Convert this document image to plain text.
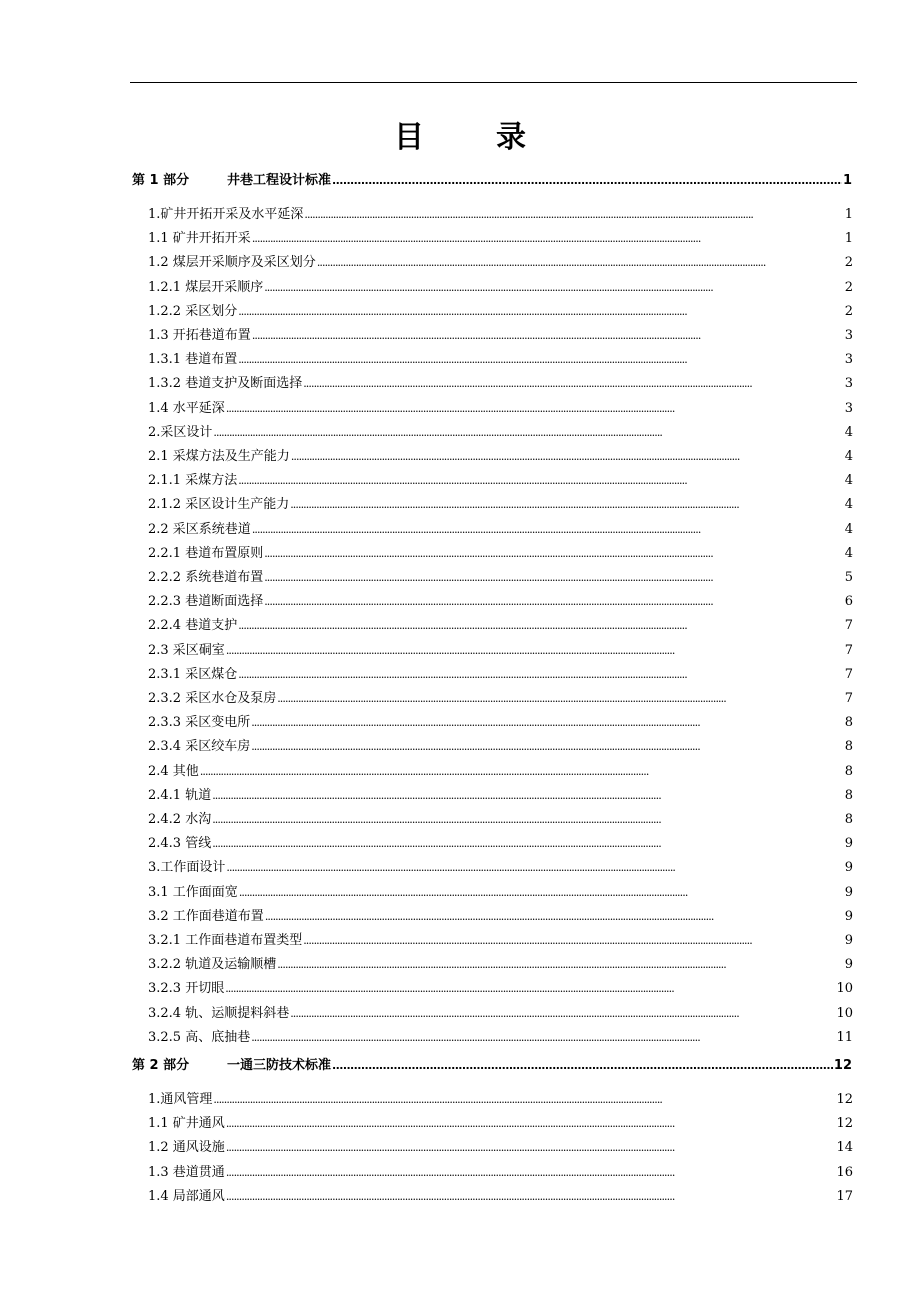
目 录
第 1 部分	井巷工程设计标准 . . .	1
1.矿井开拓开采及水平延深 . . .	1
1.1 矿井开拓开采 . . .	1
1.2 煤层开采顺序及采区划分 . . .	2
1.2.1 煤层开采顺序 . . .	2
1.2.2 采区划分 . . .	2
1.3 开拓巷道布置 . . .	3
1.3.1 巷道布置 . . .	3
1.3.2 巷道支护及断面选择 . . .	3
1.4 水平延深 . . .	3
2.采区设计 . . .	4
2.1 采煤方法及生产能力 . . .	4
2.1.1 采煤方法 . . .	4
2.1.2 采区设计生产能力 . . .	4
2.2 采区系统巷道 . . .	4
2.2.1 巷道布置原则 . . .	4
2.2.2 系统巷道布置 . . .	5
2.2.3 巷道断面选择 . . .	6
2.2.4 巷道支护 . . .	7
2.3 采区硐室 . . .	7
2.3.1 采区煤仓 . . .	7
2.3.2 采区水仓及泵房 . . .	7
2.3.3 采区变电所 . . .	8
2.3.4 采区绞车房 . . .	8
2.4 其他 . . .	8
2.4.1 轨道 . . .	8
2.4.2 水沟 . . .	8
2.4.3 管线 . . .	9
3.工作面设计 . . .	9
3.1 工作面面宽 . . .	9
3.2 工作面巷道布置 . . .	9
3.2.1 工作面巷道布置类型 . . .	9
3.2.2 轨道及运输顺槽 . . .	9
3.2.3 开切眼 . . .	10
3.2.4 轨、运顺提料斜巷 . . .	10
3.2.5 高、底抽巷 . . .	11
第 2 部分	一通三防技术标准 . . .	12
1.通风管理 . . .	12
1.1 矿井通风 . . .	12
1.2 通风设施 . . .	14
1.3 巷道贯通 . . .	16
1.4 局部通风 . . .	17
